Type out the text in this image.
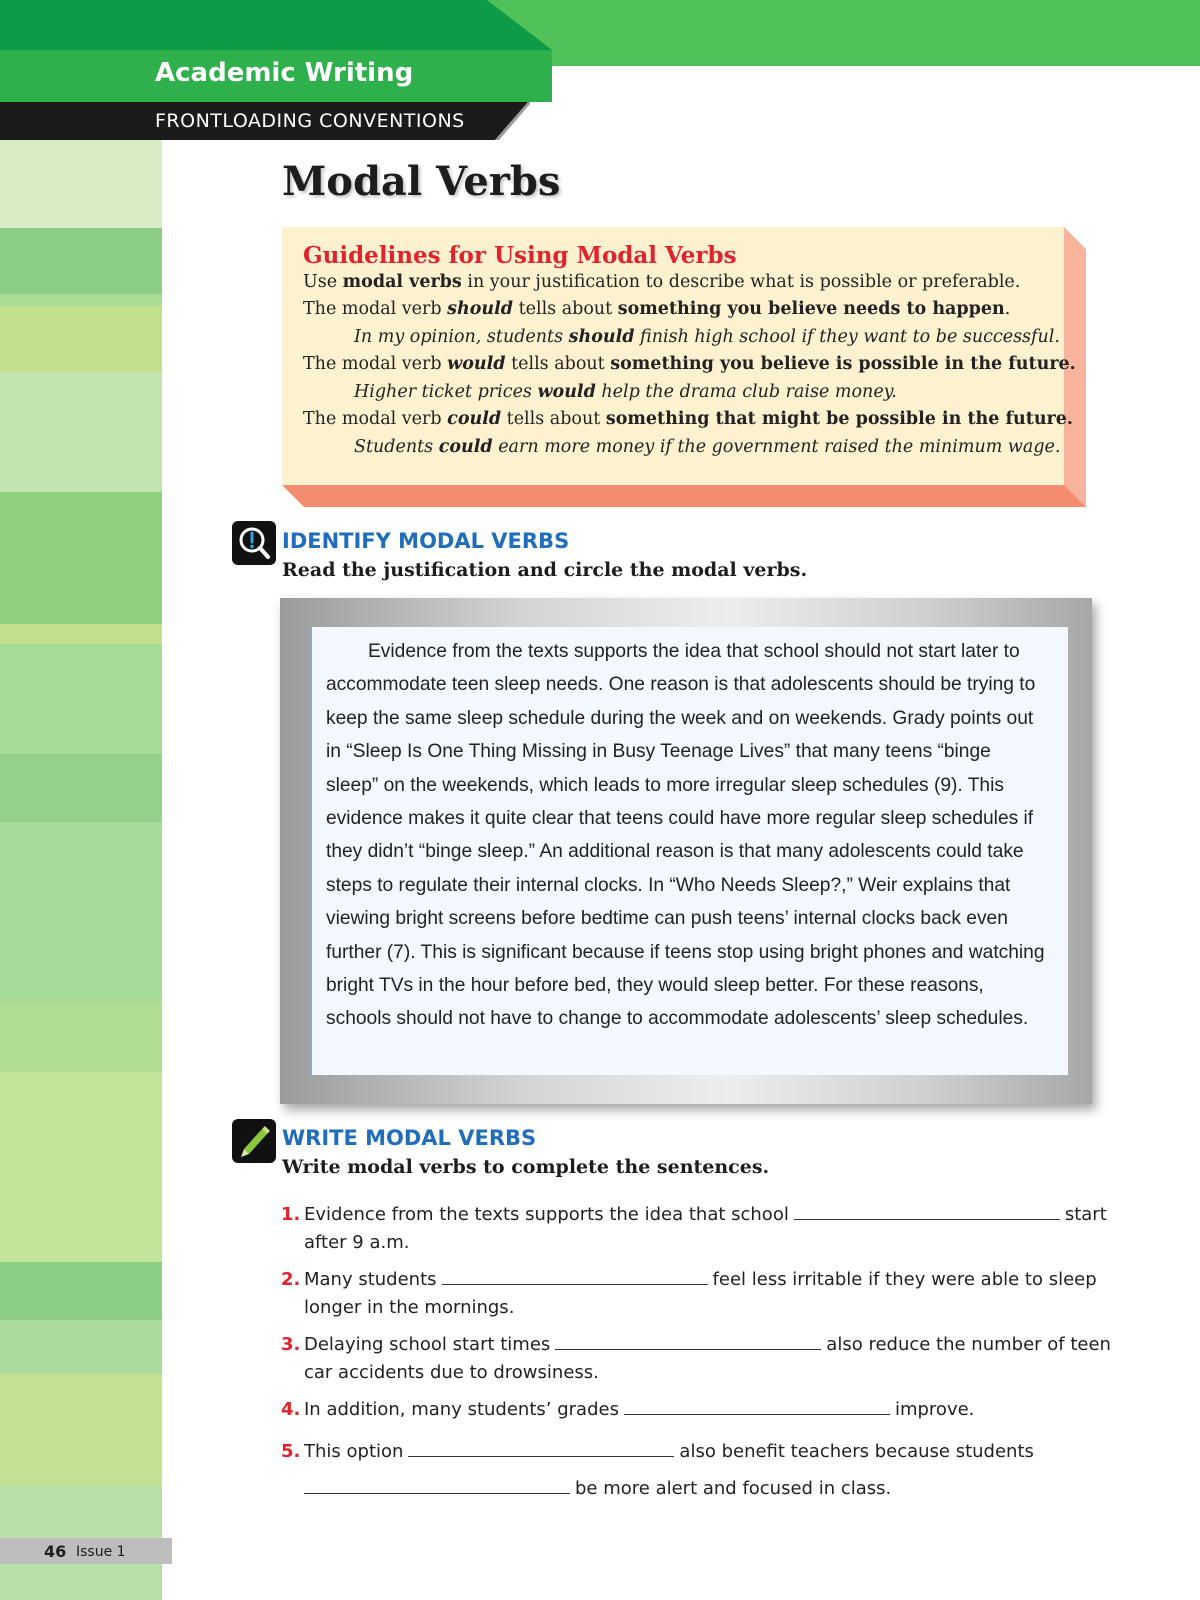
Academic Writing
FRONTLOADING CONVENTIONS
Modal Verbs
Guidelines for Using Modal Verbs
Use modal verbs in your justification to describe what is possible or preferable.
The modal verb should tells about something you believe needs to happen.
In my opinion, students should finish high school if they want to be successful.
The modal verb would tells about something you believe is possible in the future.
Higher ticket prices would help the drama club raise money.
The modal verb could tells about something that might be possible in the future.
Students could earn more money if the government raised the minimum wage.
IDENTIFY MODAL VERBS
Read the justification and circle the modal verbs.

Evidence from the texts supports the idea that school should not start later to accommodate teen sleep needs. One reason is that adolescents should be trying to keep the same sleep schedule during the week and on weekends. Grady points out in “Sleep Is One Thing Missing in Busy Teenage Lives” that many teens “binge sleep” on the weekends, which leads to more irregular sleep schedules (9). This evidence makes it quite clear that teens could have more regular sleep schedules if they didn’t “binge sleep.” An additional reason is that many adolescents could take steps to regulate their internal clocks. In “Who Needs Sleep?,” Weir explains that viewing bright screens before bedtime can push teens’ internal clocks back even further (7). This is significant because if teens stop using bright phones and watching bright TVs in the hour before bed, they would sleep better. For these reasons, schools should not have to change to accommodate adolescents’ sleep schedules.

WRITE MODAL VERBS
Write modal verbs to complete the sentences.
1. Evidence from the texts supports the idea that school	start after 9 a.m.
2. Many students	feel less irritable if they were able to sleep longer in the mornings.
3. Delaying school start times	also reduce the number of teen car accidents due to drowsiness.
4. In addition, many students’ grades	improve.
5. This option	also benefit teachers because students
be more alert and focused in class.
46 Issue 1
